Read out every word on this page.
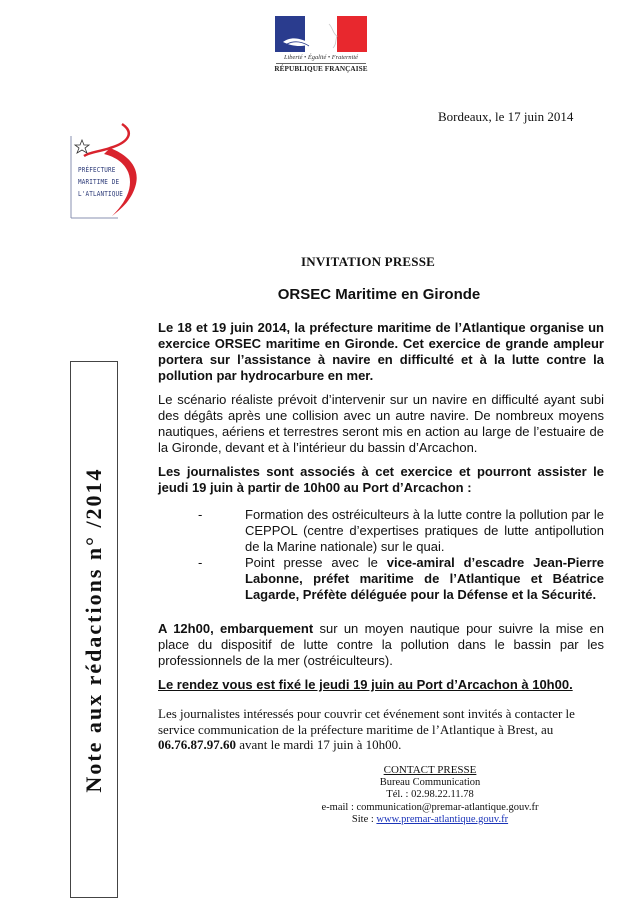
Liberté • Égalité • Fraternité
RÉPUBLIQUE FRANÇAISE
Bordeaux, le 17 juin 2014
PRÉFECTURE
MARITIME DE
L'ATLANTIQUE
INVITATION PRESSE
ORSEC Maritime en Gironde
Le 18 et 19 juin 2014, la préfecture maritime de l’Atlantique organise un exercice ORSEC maritime en Gironde. Cet exercice de grande ampleur portera sur l’assistance à navire en difficulté et à la lutte contre la pollution par hydrocarbure en mer.
Le scénario réaliste prévoit d’intervenir sur un navire en difficulté ayant subi des dégâts après une collision avec un autre navire. De nombreux moyens nautiques, aériens et terrestres seront mis en action au large de l’estuaire de la Gironde, devant et à l’intérieur du bassin d’Arcachon.
Les journalistes sont associés à cet exercice et pourront assister le jeudi 19 juin à partir de 10h00 au Port d’Arcachon :
-	Formation des ostréiculteurs à la lutte contre la pollution par le CEPPOL (centre d’expertises pratiques de lutte antipollution de la Marine nationale) sur le quai.
-	Point presse avec le vice-amiral d’escadre Jean-Pierre Labonne, préfet maritime de l’Atlantique et Béatrice Lagarde, Préfète déléguée pour la Défense et la Sécurité.
A 12h00, embarquement sur un moyen nautique pour suivre la mise en place du dispositif de lutte contre la pollution dans le bassin par les professionnels de la mer (ostréiculteurs).
Le rendez vous est fixé le jeudi 19 juin au Port d’Arcachon à 10h00.
Les journalistes intéressés pour couvrir cet événement sont invités à contacter le service communication de la préfecture maritime de l’Atlantique à Brest, au 06.76.87.97.60 avant le mardi 17 juin à 10h00.
CONTACT PRESSE
Bureau Communication
Tél. : 02.98.22.11.78
e-mail : communication@premar-atlantique.gouv.fr
Site : www.premar-atlantique.gouv.fr
Note aux rédactions n° /2014
